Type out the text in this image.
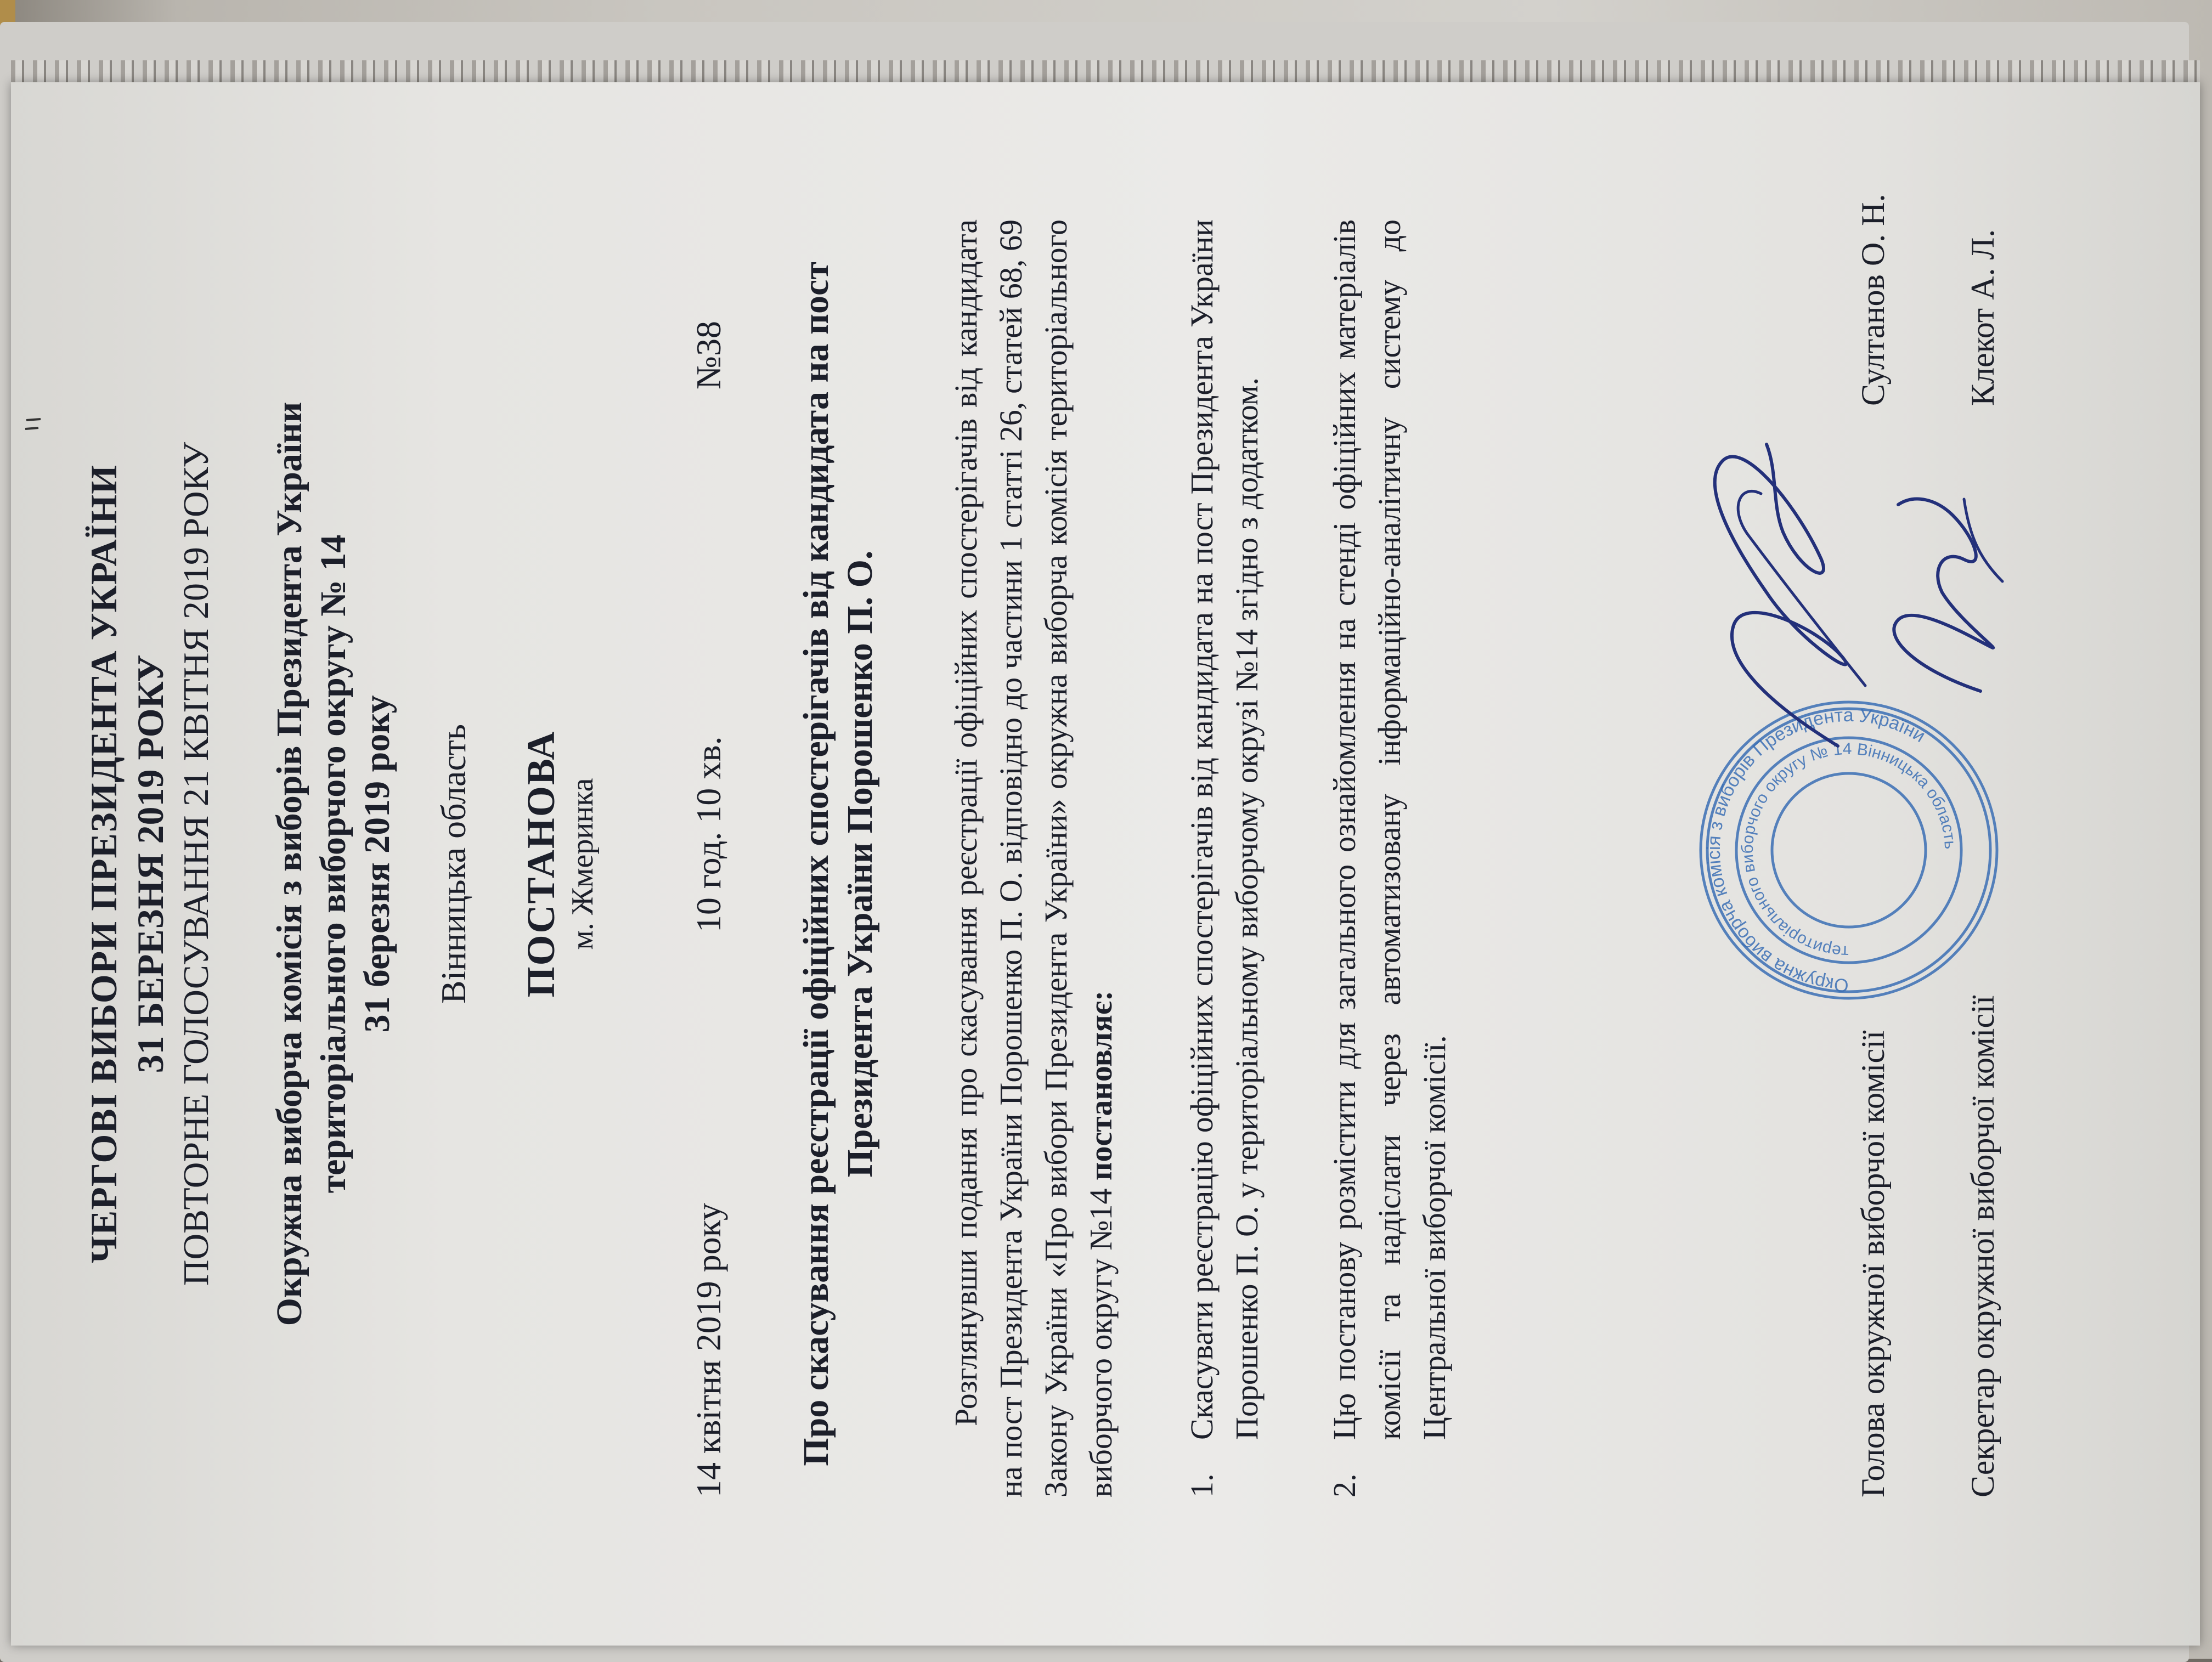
ЧЕРГОВІ ВИБОРИ ПРЕЗИДЕНТА УКРАЇНИ 31 БЕРЕЗНЯ 2019 РОКУ ПОВТОРНЕ ГОЛОСУВАННЯ 21 КВІТНЯ 2019 РОКУ Окружна виборча комісія з виборів Президента України територіального виборчого округу № 14 31 березня 2019 року Вінницька область ПОСТАНОВА м. Жмеринка
14 квітня 2019 року
10 год. 10 хв.
№38 Про скасування реєстрації офіційних спостерігачів від кандидата на пост Президента України Порошенко П. О. Розглянувши подання про скасування реєстрації офіційних спостерігачів від кандидата на пост Президента України Порошенко П. О. відповідно до частини 1 статті 26, статей 68, 69 Закону України «Про вибори Президента України» окружна виборча комісія територіального виборчого округу №14 постановляє:
1.
Скасувати реєстрацію офіційних спостерігачів від кандидата на пост Президента України Порошенко П. О. у територіальному виборчому окрузі №14 згідно з додатком.
2.
Цю постанову розмістити для загального ознайомлення на стенді офіційних матеріалів комісії та надіслати через автоматизовану інформаційно-аналітичну систему до Центральної виборчої комісії.
Окружна виборча комісія з виборів Президента України
територіального виборчого округу № 14 Вінницька область
Голова окружної виборчої комісії
Султанов О. Н.
Секретар окружної виборчої комісії
Клекот А. Л.
